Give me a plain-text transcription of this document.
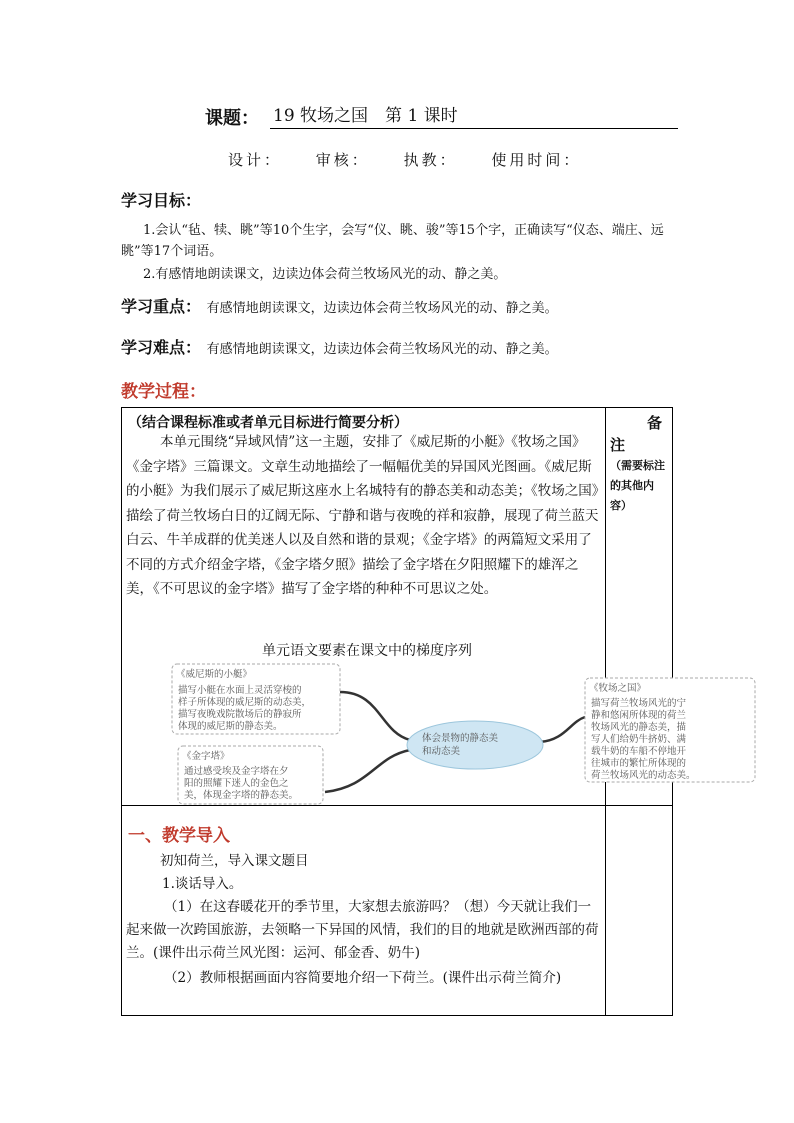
课题： 19 牧场之国　第 1 课时
设计： 审核： 执教： 使用时间：
学习目标：
1.会认“毡、犊、眺”等10个生字，会写“仪、眺、骏”等15个字，正确读写“仪态、端庄、远眺”等17个词语。
2.有感情地朗读课文，边读边体会荷兰牧场风光的动、静之美。
学习重点： 有感情地朗读课文，边读边体会荷兰牧场风光的动、静之美。
学习难点： 有感情地朗读课文，边读边体会荷兰牧场风光的动、静之美。
教学过程：
（结合课程标准或者单元目标进行简要分析）
本单元围绕“异域风情”这一主题，安排了《威尼斯的小艇》《牧场之国》《金字塔》三篇课文。文章生动地描绘了一幅幅优美的异国风光图画。《威尼斯的小艇》为我们展示了威尼斯这座水上名城特有的静态美和动态美；《牧场之国》描绘了荷兰牧场白日的辽阔无际、宁静和谐与夜晚的祥和寂静，展现了荷兰蓝天白云、牛羊成群的优美迷人以及自然和谐的景观；《金字塔》的两篇短文采用了不同的方式介绍金字塔，《金字塔夕照》描绘了金字塔在夕阳照耀下的雄浑之美，《不可思议的金字塔》描写了金字塔的种种不可思议之处。
备
注
（需要标注的其他内容）
单元语文要素在课文中的梯度序列
体会景物的静态美
和动态美
《威尼斯的小艇》
描写小艇在水面上灵活穿梭的
样子所体现的威尼斯的动态美，
描写夜晚戏院散场后的静寂所
体现的威尼斯的静态美。
《金字塔》
通过感受埃及金字塔在夕
阳的照耀下迷人的金色之
美，体现金字塔的静态美。
《牧场之国》
描写荷兰牧场风光的宁
静和悠闲所体现的荷兰
牧场风光的静态美，描
写人们给奶牛挤奶、满
载牛奶的车船不停地开
往城市的繁忙所体现的
荷兰牧场风光的动态美。
一、教学导入
初知荷兰，导入课文题目
1.谈话导入。
（1）在这春暖花开的季节里，大家想去旅游吗？（想）今天就让我们一起来做一次跨国旅游，去领略一下异国的风情，我们的目的地就是欧洲西部的荷兰。(课件出示荷兰风光图：运河、郁金香、奶牛)
（2）教师根据画面内容简要地介绍一下荷兰。(课件出示荷兰简介)
